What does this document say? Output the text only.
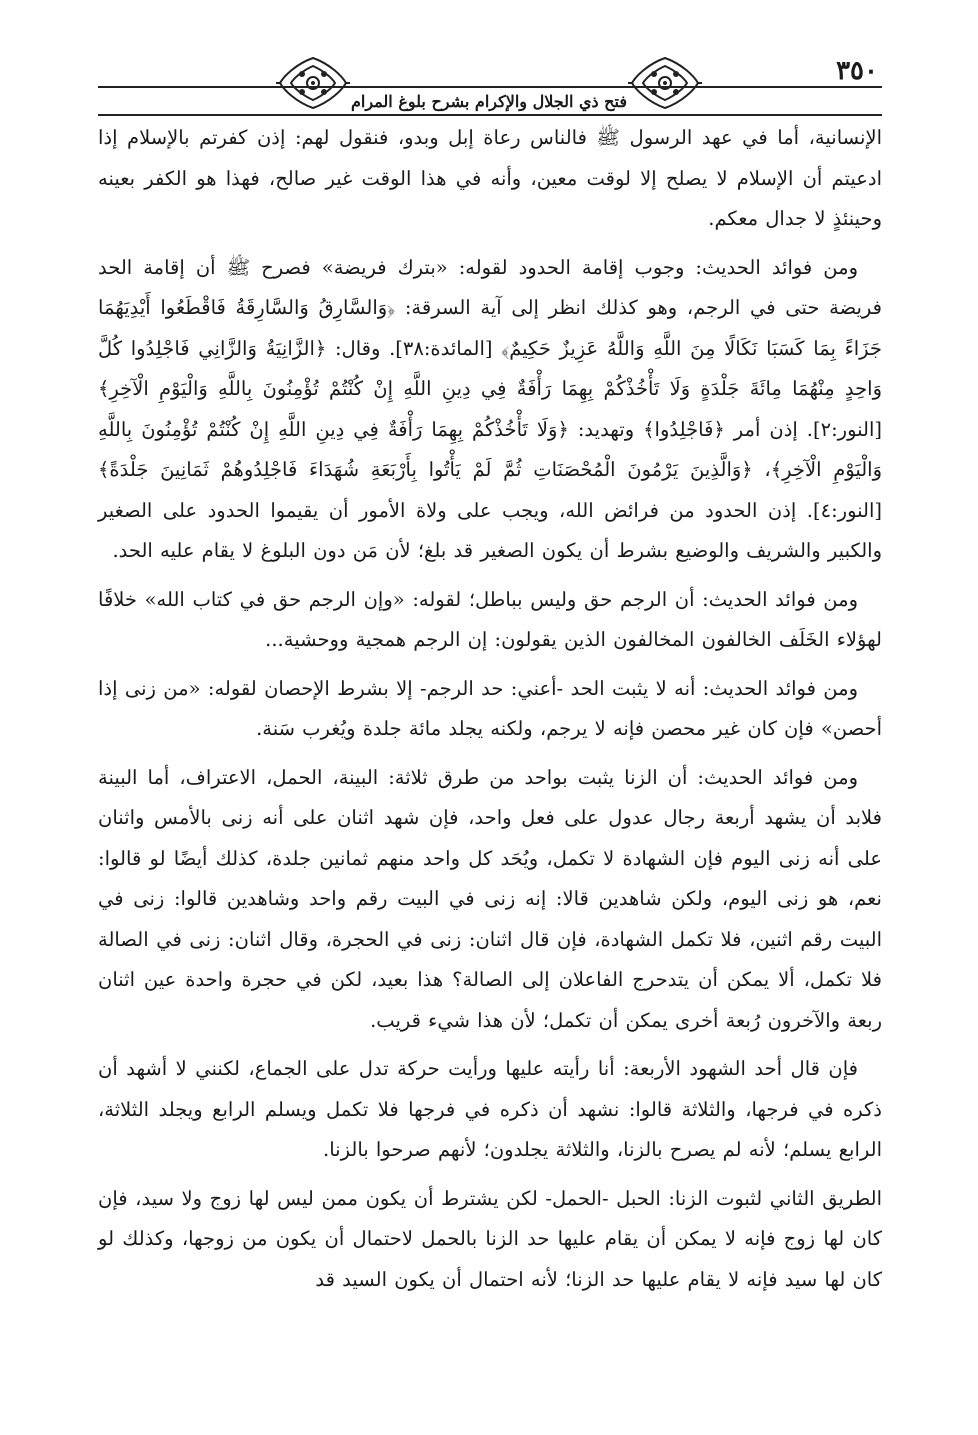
٣٥٠
فتح ذي الجلال والإكرام بشرح بلوغ المرام

الإنسانية، أما في عهد الرسول ﷺ فالناس رعاة إبل وبدو، فنقول لهم: إذن كفرتم بالإسلام إذا ادعيتم أن الإسلام لا يصلح إلا لوقت معين، وأنه في هذا الوقت غير صالح، فهذا هو الكفر بعينه وحينئذٍ لا جدال معكم.

ومن فوائد الحديث: وجوب إقامة الحدود لقوله: «بترك فريضة» فصرح ﷺ أن إقامة الحد فريضة حتى في الرجم، وهو كذلك انظر إلى آية السرقة: ﴿وَالسَّارِقُ وَالسَّارِقَةُ فَاقْطَعُوا أَيْدِيَهُمَا جَزَاءً بِمَا كَسَبَا نَكَالًا مِنَ اللَّهِ وَاللَّهُ عَزِيزٌ حَكِيمٌ﴾ [المائدة:٣٨]. وقال: ﴿الزَّانِيَةُ وَالزَّانِي فَاجْلِدُوا كُلَّ وَاحِدٍ مِنْهُمَا مِائَةَ جَلْدَةٍ وَلَا تَأْخُذْكُمْ بِهِمَا رَأْفَةٌ فِي دِينِ اللَّهِ إِنْ كُنْتُمْ تُؤْمِنُونَ بِاللَّهِ وَالْيَوْمِ الْآخِرِ﴾ [النور:٢]. إذن أمر ﴿فَاجْلِدُوا﴾ وتهديد: ﴿وَلَا تَأْخُذْكُمْ بِهِمَا رَأْفَةٌ فِي دِينِ اللَّهِ إِنْ كُنْتُمْ تُؤْمِنُونَ بِاللَّهِ وَالْيَوْمِ الْآخِرِ﴾، ﴿وَالَّذِينَ يَرْمُونَ الْمُحْصَنَاتِ ثُمَّ لَمْ يَأْتُوا بِأَرْبَعَةِ شُهَدَاءَ فَاجْلِدُوهُمْ ثَمَانِينَ جَلْدَةً﴾ [النور:٤]. إذن الحدود من فرائض الله، ويجب على ولاة الأمور أن يقيموا الحدود على الصغير والكبير والشريف والوضيع بشرط أن يكون الصغير قد بلغ؛ لأن مَن دون البلوغ لا يقام عليه الحد.

ومن فوائد الحديث: أن الرجم حق وليس بباطل؛ لقوله: «وإن الرجم حق في كتاب الله» خلافًا لهؤلاء الخَلَف الخالفون المخالفون الذين يقولون: إن الرجم همجية ووحشية...

ومن فوائد الحديث: أنه لا يثبت الحد -أعني: حد الرجم- إلا بشرط الإحصان لقوله: «من زنى إذا أحصن» فإن كان غير محصن فإنه لا يرجم، ولكنه يجلد مائة جلدة ويُغرب سَنة.

ومن فوائد الحديث: أن الزنا يثبت بواحد من طرق ثلاثة: البينة، الحمل، الاعتراف، أما البينة فلابد أن يشهد أربعة رجال عدول على فعل واحد، فإن شهد اثنان على أنه زنى بالأمس واثنان على أنه زنى اليوم فإن الشهادة لا تكمل، ويُحَد كل واحد منهم ثمانين جلدة، كذلك أيضًا لو قالوا: نعم، هو زنى اليوم، ولكن شاهدين قالا: إنه زنى في البيت رقم واحد وشاهدين قالوا: زنى في البيت رقم اثنين، فلا تكمل الشهادة، فإن قال اثنان: زنى في الحجرة، وقال اثنان: زنى في الصالة فلا تكمل، ألا يمكن أن يتدحرج الفاعلان إلى الصالة؟ هذا بعيد، لكن في حجرة واحدة عين اثنان ربعة والآخرون رُبعة أخرى يمكن أن تكمل؛ لأن هذا شيء قريب.

فإن قال أحد الشهود الأربعة: أنا رأيته عليها ورأيت حركة تدل على الجماع، لكنني لا أشهد أن ذكره في فرجها، والثلاثة قالوا: نشهد أن ذكره في فرجها فلا تكمل ويسلم الرابع ويجلد الثلاثة، الرابع يسلم؛ لأنه لم يصرح بالزنا، والثلاثة يجلدون؛ لأنهم صرحوا بالزنا.

الطريق الثاني لثبوت الزنا: الحبل -الحمل- لكن يشترط أن يكون ممن ليس لها زوج ولا سيد، فإن كان لها زوج فإنه لا يمكن أن يقام عليها حد الزنا بالحمل لاحتمال أن يكون من زوجها، وكذلك لو كان لها سيد فإنه لا يقام عليها حد الزنا؛ لأنه احتمال أن يكون السيد قد
